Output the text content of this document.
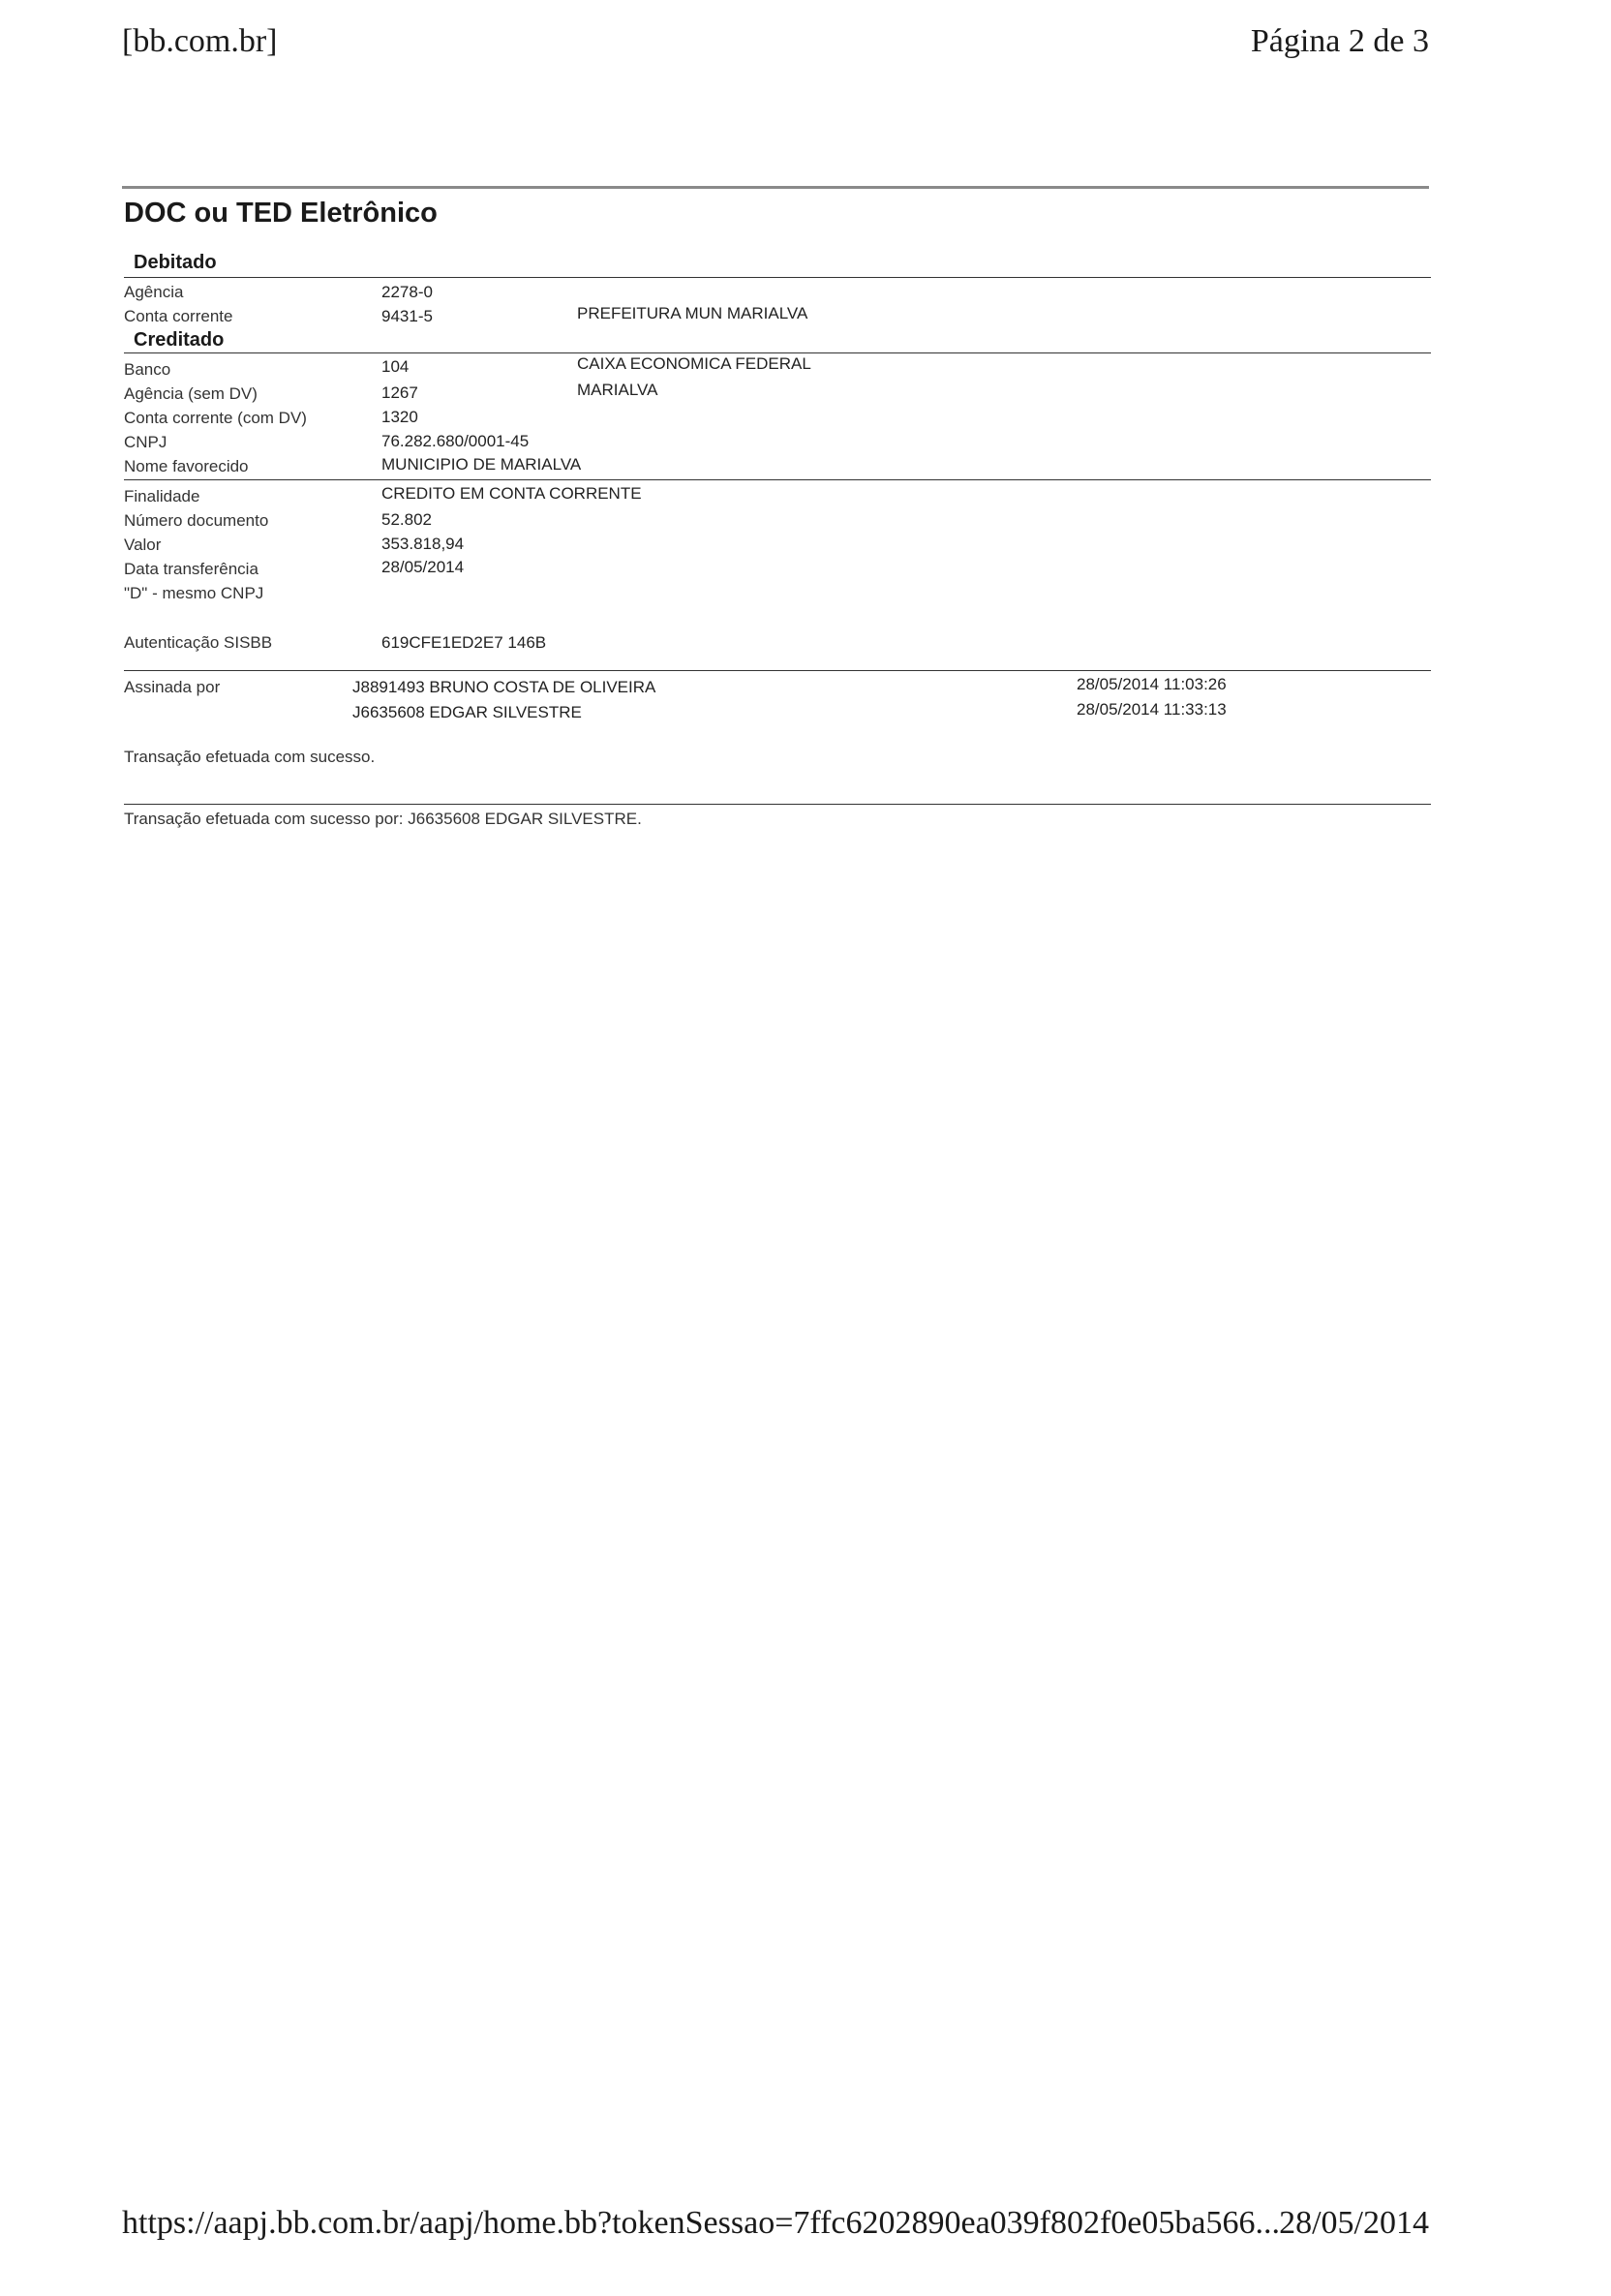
[bb.com.br]	Página 2 de 3
DOC ou TED Eletrônico
Debitado
Agência	2278-0
Conta corrente	9431-5	PREFEITURA MUN MARIALVA
Creditado
Banco	104	CAIXA ECONOMICA FEDERAL
Agência (sem DV)	1267	MARIALVA
Conta corrente (com DV)	1320
CNPJ	76.282.680/0001-45
Nome favorecido	MUNICIPIO DE MARIALVA
Finalidade	CREDITO EM CONTA CORRENTE
Número documento	52.802
Valor	353.818,94
Data transferência	28/05/2014
"D" - mesmo CNPJ
Autenticação SISBB	619CFE1ED2E7 146B
Assinada por	J8891493 BRUNO COSTA DE OLIVEIRA	28/05/2014 11:03:26
J6635608 EDGAR SILVESTRE	28/05/2014 11:33:13
Transação efetuada com sucesso.
Transação efetuada com sucesso por: J6635608 EDGAR SILVESTRE.
https://aapj.bb.com.br/aapj/home.bb?tokenSessao=7ffc6202890ea039f802f0e05ba566... 28/05/2014
